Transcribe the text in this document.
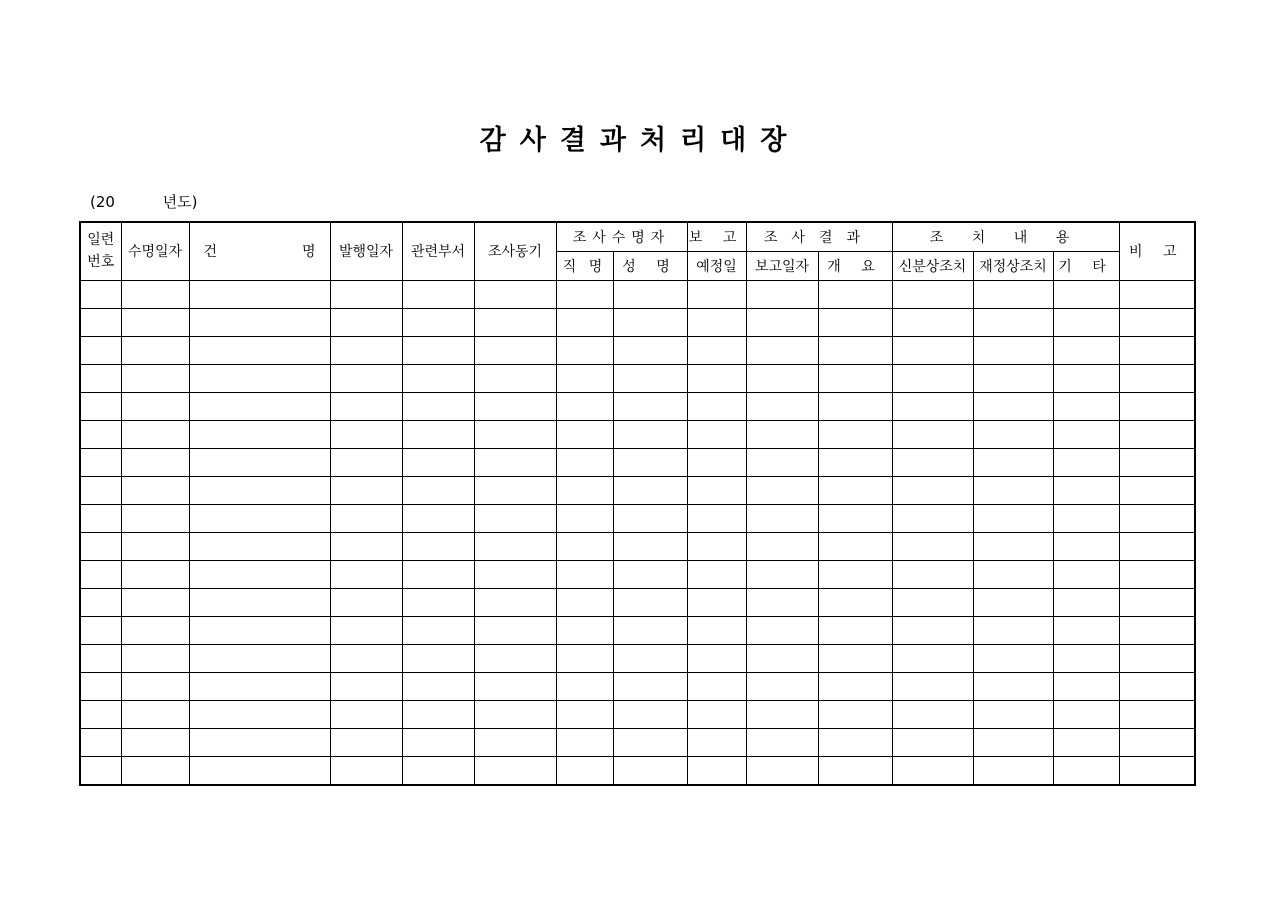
감사결과처리대장
(20	년도)
일련 번호	수명일자	건 명	발행일자	관련부서	조사동기	조사수명자		보 고	조사결과		조 치 내 용			비 고
						직 명	성 명	예정일	보고일자	개 요	신분상조치	재정상조치	기 타	
